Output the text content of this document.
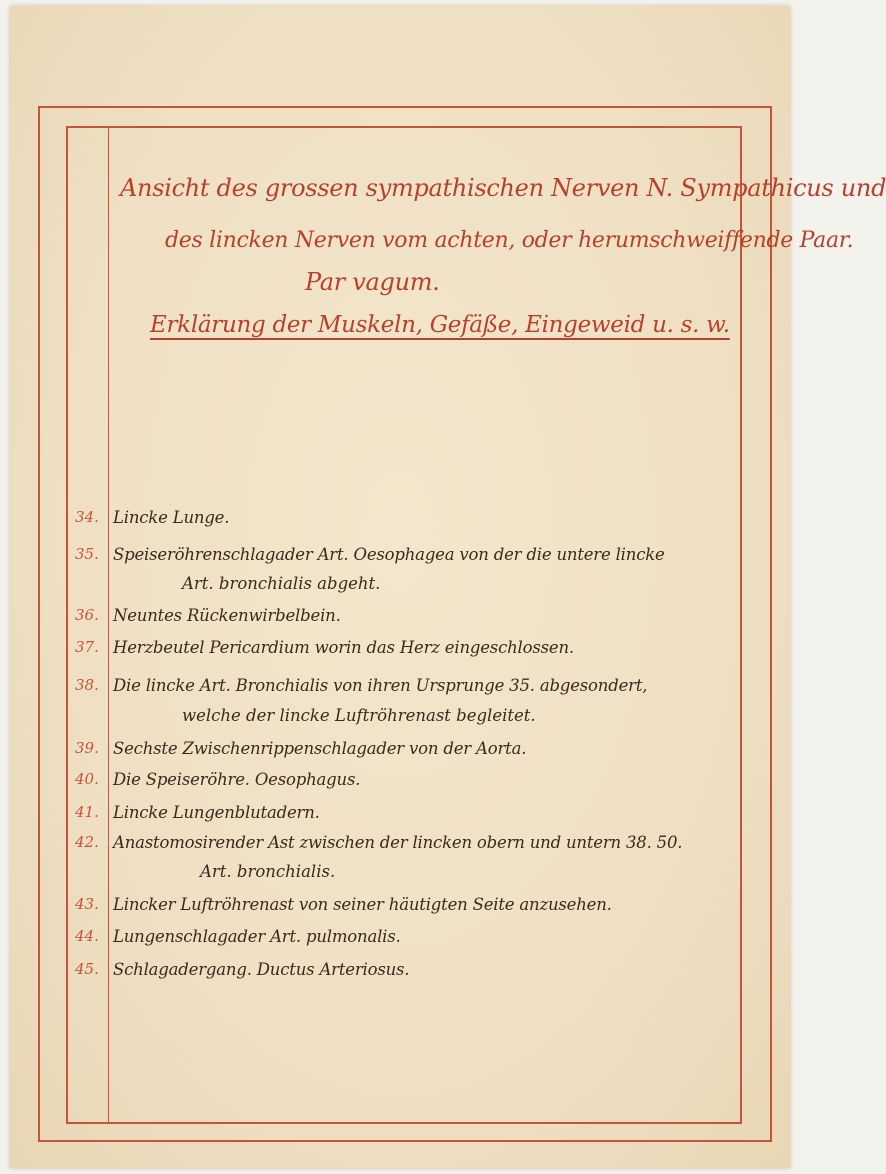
Ansicht des grossen sympathischen Nerven N. Sympathicus und
des lincken Nerven vom achten, oder herumschweiffende Paar.
Par vagum.
Erklärung der Muskeln, Gefäße, Eingeweid u. s. w.
34. Lincke Lunge.
35. Speiseröhrenschlagader Art. Oesophagea von der die untere lincke
Art. bronchialis abgeht.
36. Neuntes Rückenwirbelbein.
37. Herzbeutel Pericardium worin das Herz eingeschlossen.
38. Die lincke Art. Bronchialis von ihren Ursprunge 35. abgesondert,
welche der lincke Luftröhrenast begleitet.
39. Sechste Zwischenrippenschlagader von der Aorta.
40. Die Speiseröhre. Oesophagus.
41. Lincke Lungenblutadern.
42. Anastomosirender Ast zwischen der lincken obern und untern 38. 50.
Art. bronchialis.
43. Lincker Luftröhrenast von seiner häutigten Seite anzusehen.
44. Lungenschlagader Art. pulmonalis.
45. Schlagadergang. Ductus Arteriosus.
